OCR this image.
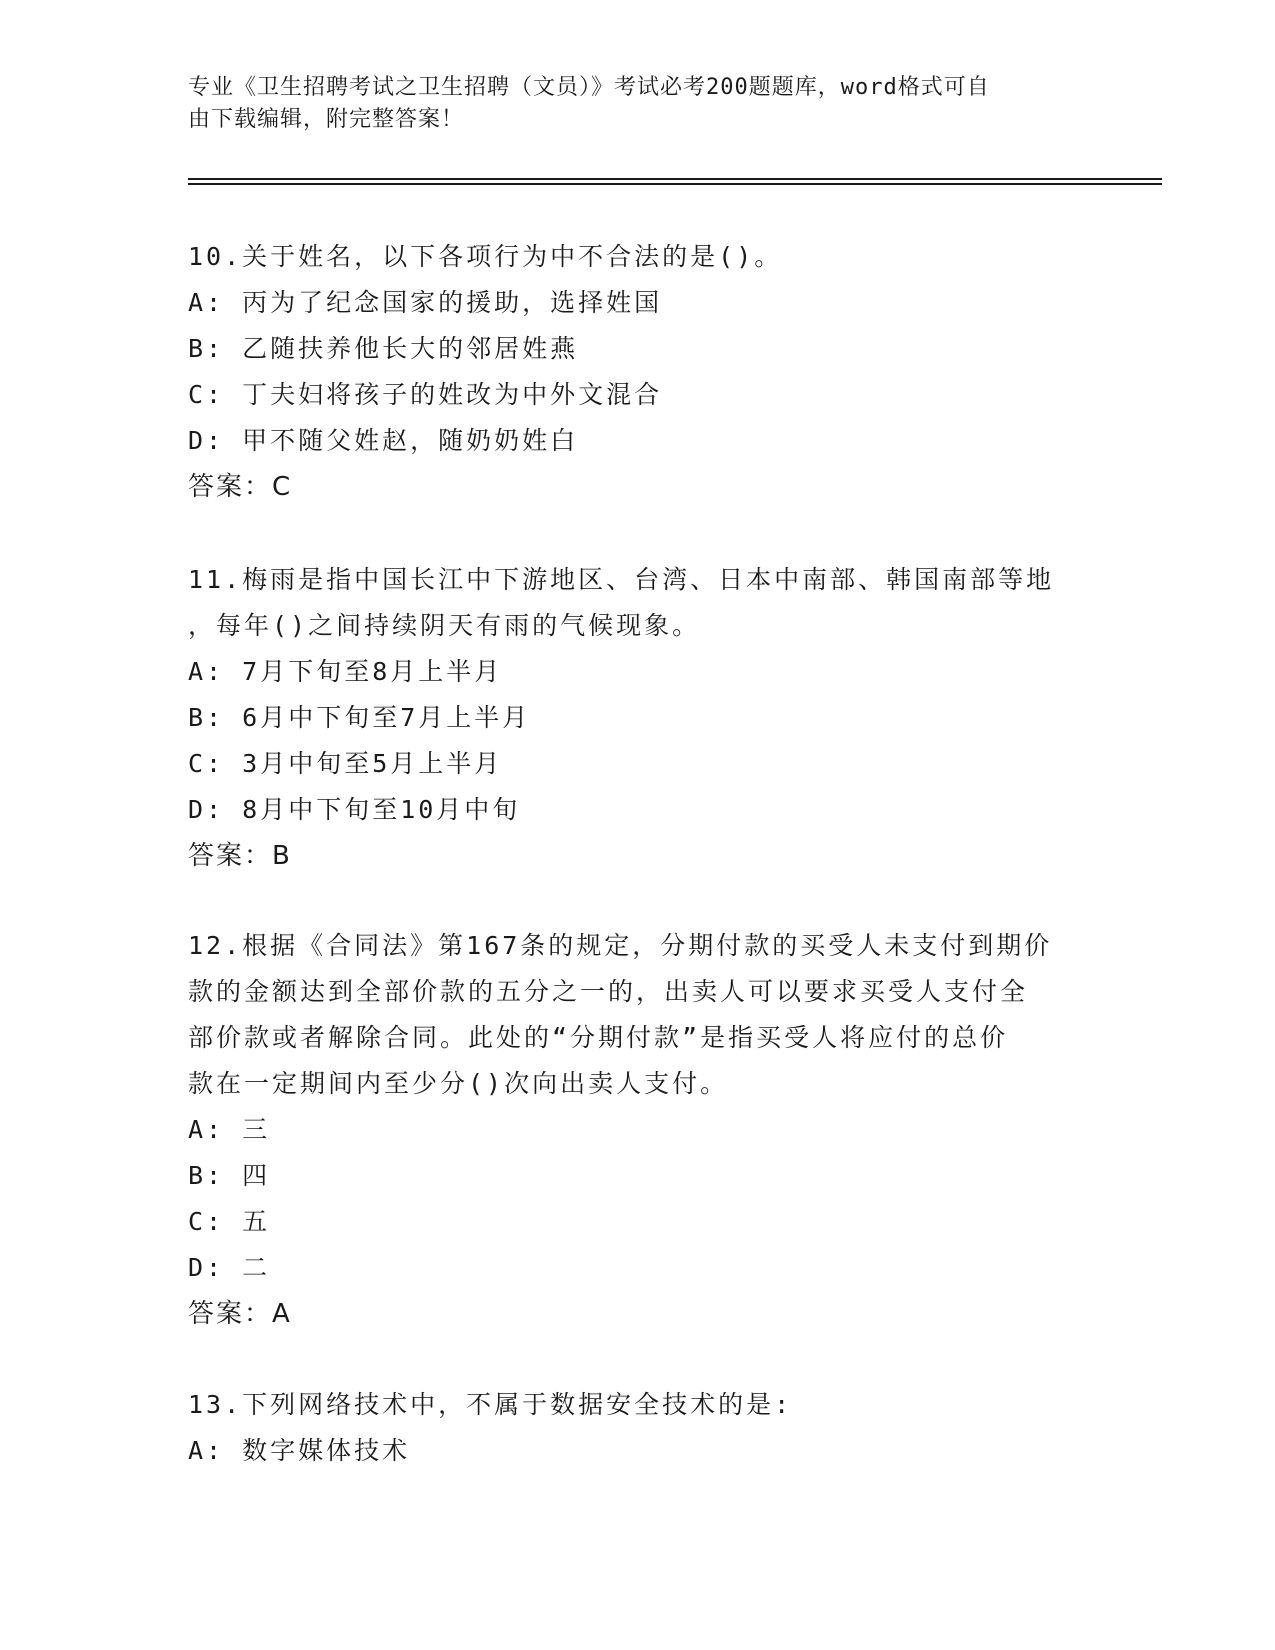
专业《卫生招聘考试之卫生招聘（文员）》考试必考200题题库，word格式可自
由下载编辑，附完整答案！
10.关于姓名，以下各项行为中不合法的是()。
A: 丙为了纪念国家的援助，选择姓国
B: 乙随扶养他长大的邻居姓燕
C: 丁夫妇将孩子的姓改为中外文混合
D: 甲不随父姓赵，随奶奶姓白
答案：C
11.梅雨是指中国长江中下游地区、台湾、日本中南部、韩国南部等地
，每年()之间持续阴天有雨的气候现象。
A: 7月下旬至8月上半月
B: 6月中下旬至7月上半月
C: 3月中旬至5月上半月
D: 8月中下旬至10月中旬
答案：B
12.根据《合同法》第167条的规定，分期付款的买受人未支付到期价
款的金额达到全部价款的五分之一的，出卖人可以要求买受人支付全
部价款或者解除合同。此处的“分期付款”是指买受人将应付的总价
款在一定期间内至少分()次向出卖人支付。
A: 三
B: 四
C: 五
D: 二
答案：A
13.下列网络技术中，不属于数据安全技术的是:
A: 数字媒体技术
